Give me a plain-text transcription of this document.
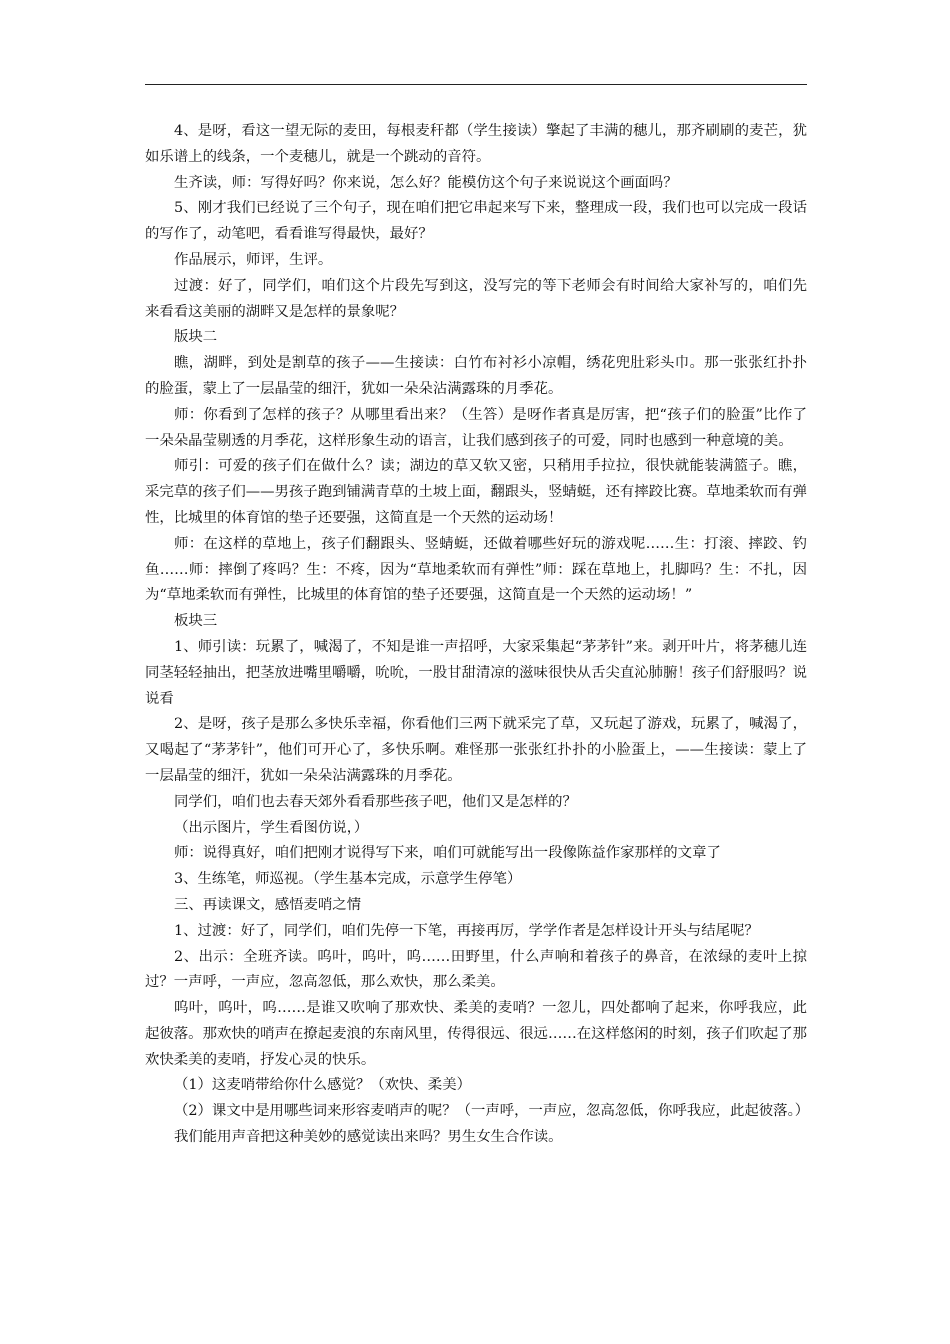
4、是呀，看这一望无际的麦田，每根麦秆都（学生接读）擎起了丰满的穗儿，那齐刷刷的麦芒，犹如乐谱上的线条，一个麦穗儿，就是一个跳动的音符。

生齐读，师：写得好吗？你来说，怎么好？能模仿这个句子来说说这个画面吗？

5、刚才我们已经说了三个句子，现在咱们把它串起来写下来，整理成一段，我们也可以完成一段话的写作了，动笔吧，看看谁写得最快，最好？

作品展示，师评，生评。

过渡：好了，同学们，咱们这个片段先写到这，没写完的等下老师会有时间给大家补写的，咱们先来看看这美丽的湖畔又是怎样的景象呢？

版块二

瞧，湖畔，到处是割草的孩子——生接读：白竹布衬衫小凉帽，绣花兜肚彩头巾。那一张张红扑扑的脸蛋，蒙上了一层晶莹的细汗，犹如一朵朵沾满露珠的月季花。

师：你看到了怎样的孩子？从哪里看出来？（生答）是呀作者真是厉害，把“孩子们的脸蛋”比作了一朵朵晶莹剔透的月季花，这样形象生动的语言，让我们感到孩子的可爱，同时也感到一种意境的美。

师引：可爱的孩子们在做什么？读；湖边的草又软又密，只稍用手拉拉，很快就能装满篮子。瞧，采完草的孩子们——男孩子跑到铺满青草的土坡上面，翻跟头，竖蜻蜓，还有摔跤比赛。草地柔软而有弹性，比城里的体育馆的垫子还要强，这简直是一个天然的运动场！

师：在这样的草地上，孩子们翻跟头、竖蜻蜓，还做着哪些好玩的游戏呢……生：打滚、摔跤、钓鱼……师：摔倒了疼吗？生：不疼，因为“草地柔软而有弹性”师：踩在草地上，扎脚吗？生：不扎，因为“草地柔软而有弹性，比城里的体育馆的垫子还要强，这简直是一个天然的运动场！”

板块三

1、师引读：玩累了，喊渴了，不知是谁一声招呼，大家采集起“茅茅针”来。剥开叶片，将茅穗儿连同茎轻轻抽出，把茎放进嘴里嚼嚼，吮吮，一股甘甜清凉的滋味很快从舌尖直沁肺腑！孩子们舒服吗？说说看

2、是呀，孩子是那么多快乐幸福，你看他们三两下就采完了草，又玩起了游戏，玩累了，喊渴了，又喝起了“茅茅针”，他们可开心了，多快乐啊。难怪那一张张红扑扑的小脸蛋上，——生接读：蒙上了一层晶莹的细汗，犹如一朵朵沾满露珠的月季花。

同学们，咱们也去春天郊外看看那些孩子吧，他们又是怎样的？

（出示图片，学生看图仿说，）

师：说得真好，咱们把刚才说得写下来，咱们可就能写出一段像陈益作家那样的文章了

3、生练笔，师巡视。（学生基本完成，示意学生停笔）

三、再读课文，感悟麦哨之情

1、过渡：好了，同学们，咱们先停一下笔，再接再厉，学学作者是怎样设计开头与结尾呢？

2、出示：全班齐读。呜叶，呜叶，呜……田野里，什么声响和着孩子的鼻音，在浓绿的麦叶上掠过？一声呼，一声应，忽高忽低，那么欢快，那么柔美。

呜叶，呜叶，呜……是谁又吹响了那欢快、柔美的麦哨？一忽儿，四处都响了起来，你呼我应，此起彼落。那欢快的哨声在撩起麦浪的东南风里，传得很远、很远……在这样悠闲的时刻，孩子们吹起了那欢快柔美的麦哨，抒发心灵的快乐。

（1）这麦哨带给你什么感觉？（欢快、柔美）

（2）课文中是用哪些词来形容麦哨声的呢？（一声呼，一声应，忽高忽低，你呼我应，此起彼落。）

我们能用声音把这种美妙的感觉读出来吗？男生女生合作读。
